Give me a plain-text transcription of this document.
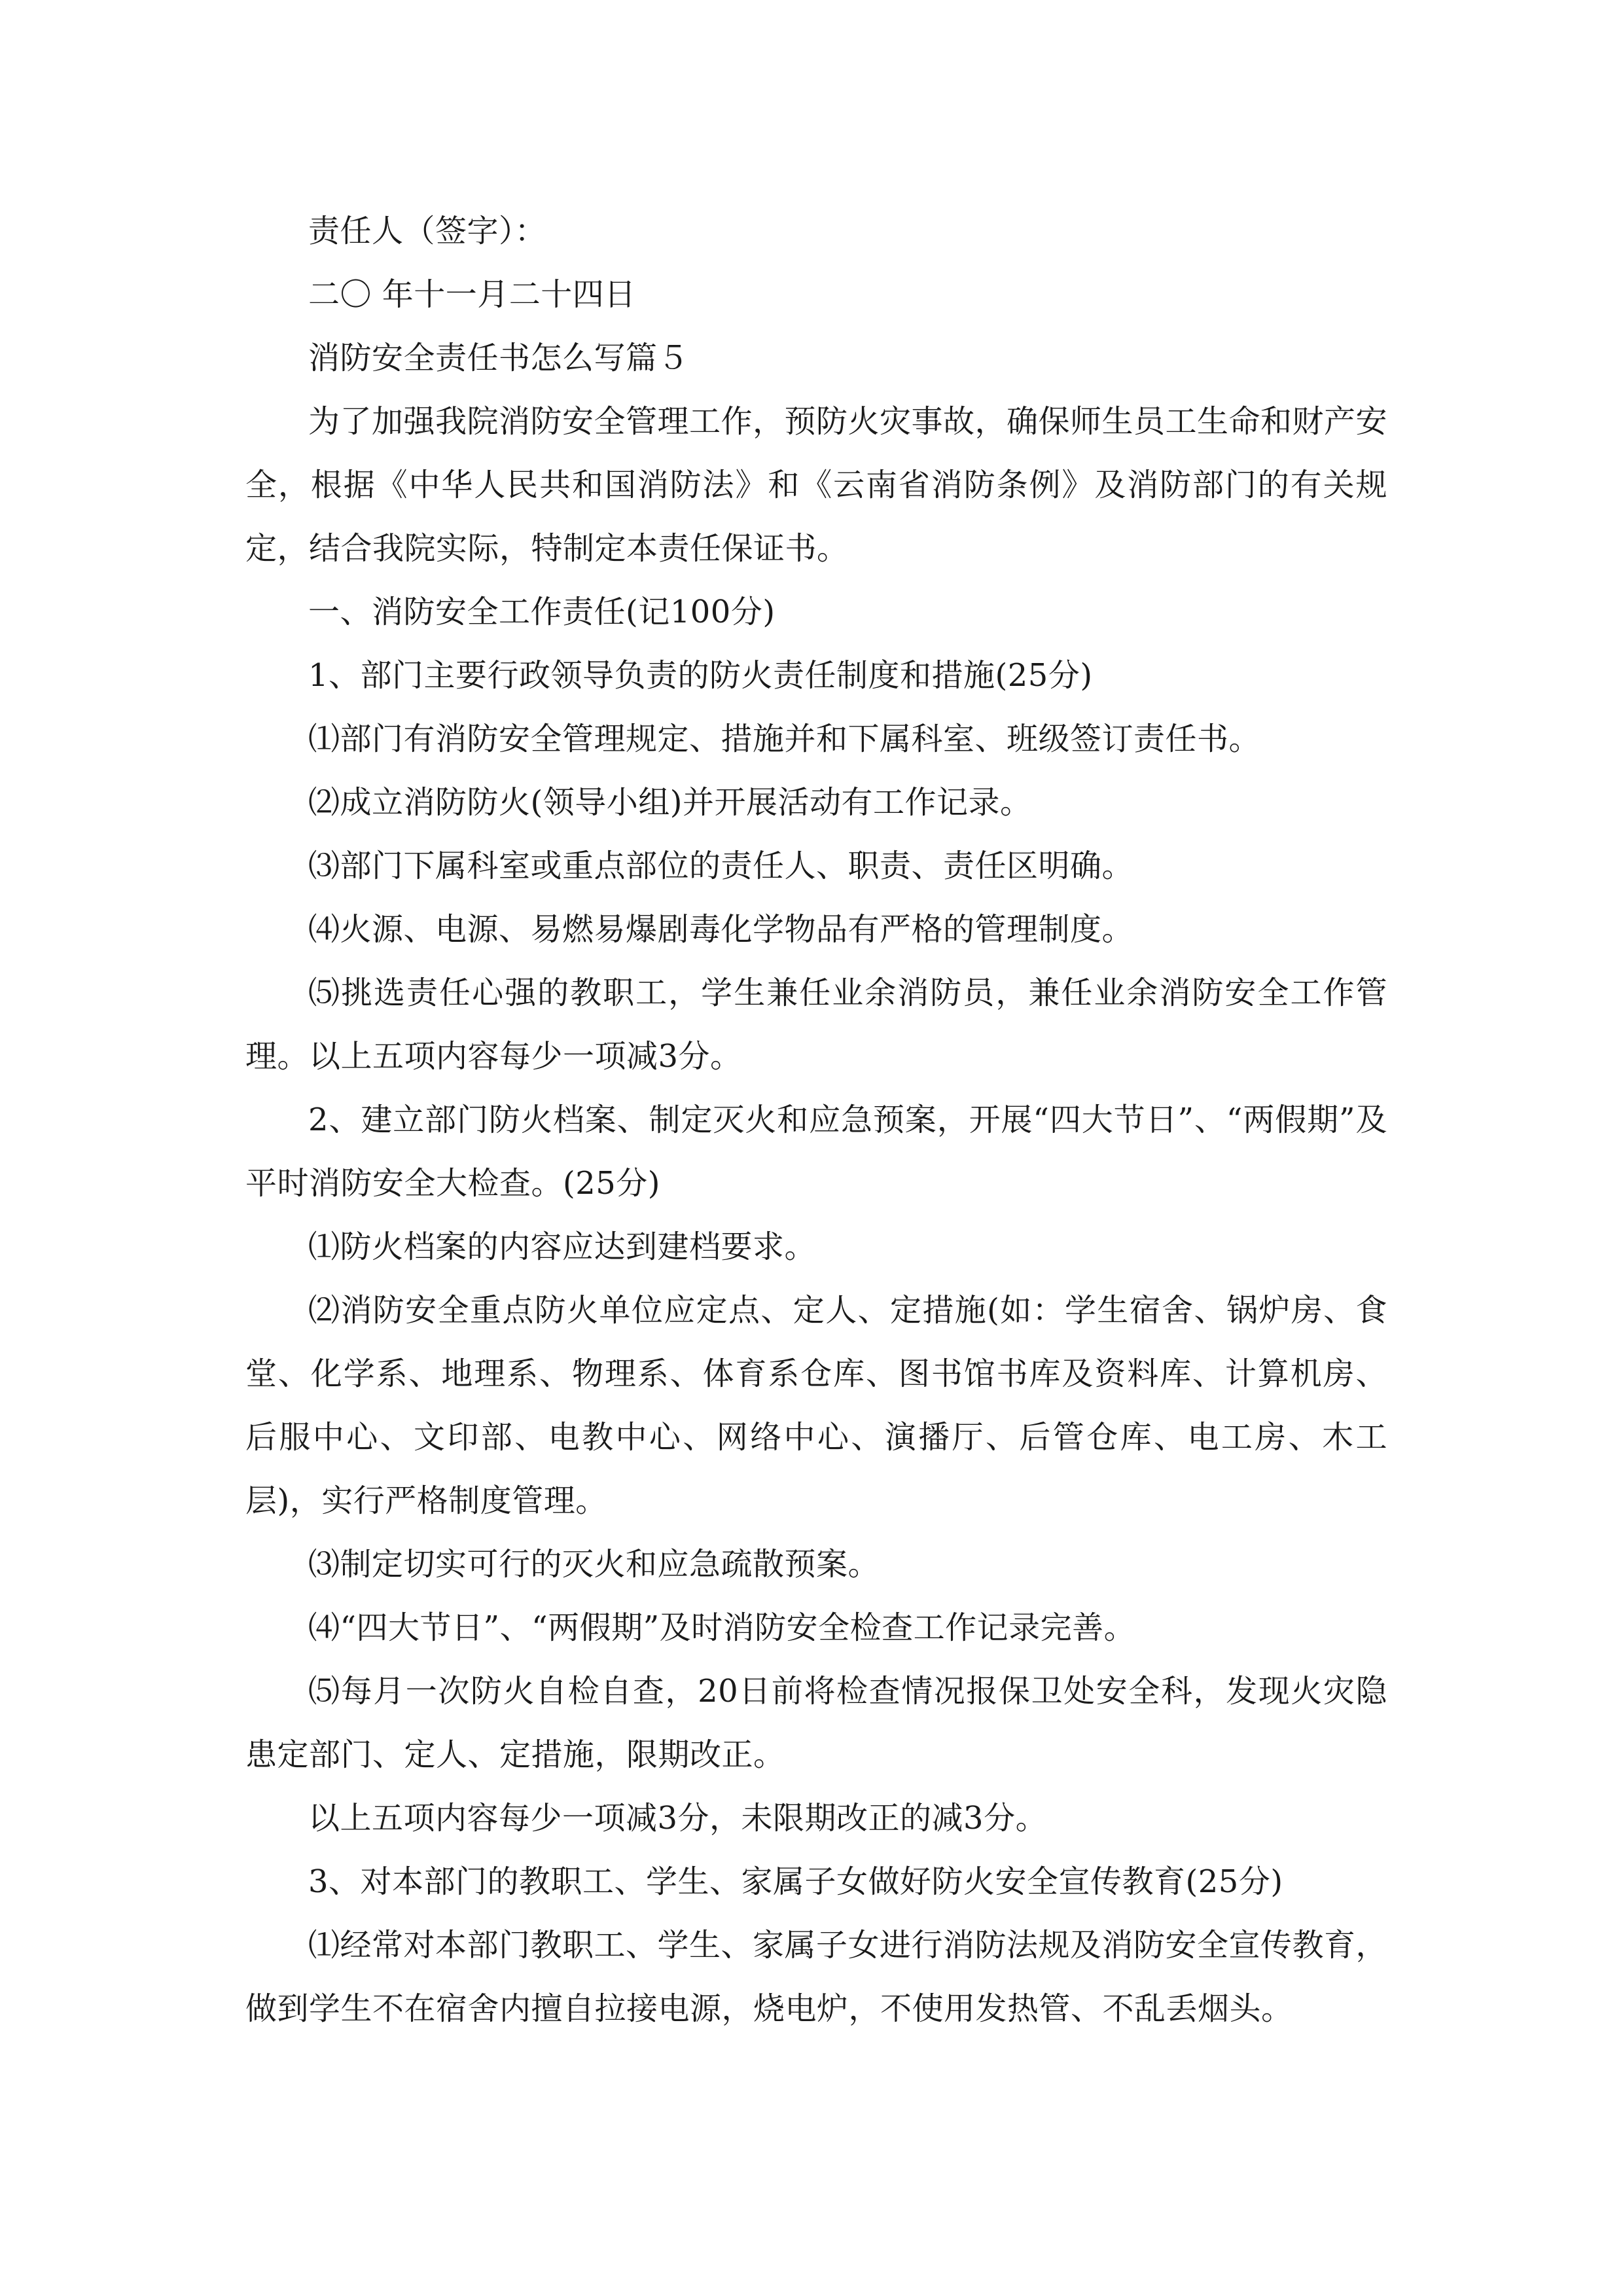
责任人（签字）：

二〇 年十一月二十四日

消防安全责任书怎么写篇５

为了加强我院消防安全管理工作，预防火灾事故，确保师生员工生命和财产安全，根据《中华人民共和国消防法》和《云南省消防条例》及消防部门的有关规定，结合我院实际，特制定本责任保证书。

一、消防安全工作责任(记100分)

1、部门主要行政领导负责的防火责任制度和措施(25分)

⑴部门有消防安全管理规定、措施并和下属科室、班级签订责任书。

⑵成立消防防火(领导小组)并开展活动有工作记录。

⑶部门下属科室或重点部位的责任人、职责、责任区明确。

⑷火源、电源、易燃易爆剧毒化学物品有严格的管理制度。

⑸挑选责任心强的教职工，学生兼任业余消防员，兼任业余消防安全工作管理。以上五项内容每少一项减3分。

2、建立部门防火档案、制定灭火和应急预案，开展“四大节日”、“两假期”及平时消防安全大检查。(25分)

⑴防火档案的内容应达到建档要求。

⑵消防安全重点防火单位应定点、定人、定措施(如：学生宿舍、锅炉房、食堂、化学系、地理系、物理系、体育系仓库、图书馆书库及资料库、计算机房、后服中心、文印部、电教中心、网络中心、演播厅、后管仓库、电工房、木工层)，实行严格制度管理。

⑶制定切实可行的灭火和应急疏散预案。

⑷“四大节日”、“两假期”及时消防安全检查工作记录完善。

⑸每月一次防火自检自查，20日前将检查情况报保卫处安全科，发现火灾隐患定部门、定人、定措施，限期改正。

以上五项内容每少一项减3分，未限期改正的减3分。

3、对本部门的教职工、学生、家属子女做好防火安全宣传教育(25分)

⑴经常对本部门教职工、学生、家属子女进行消防法规及消防安全宣传教育，做到学生不在宿舍内擅自拉接电源，烧电炉，不使用发热管、不乱丢烟头。
